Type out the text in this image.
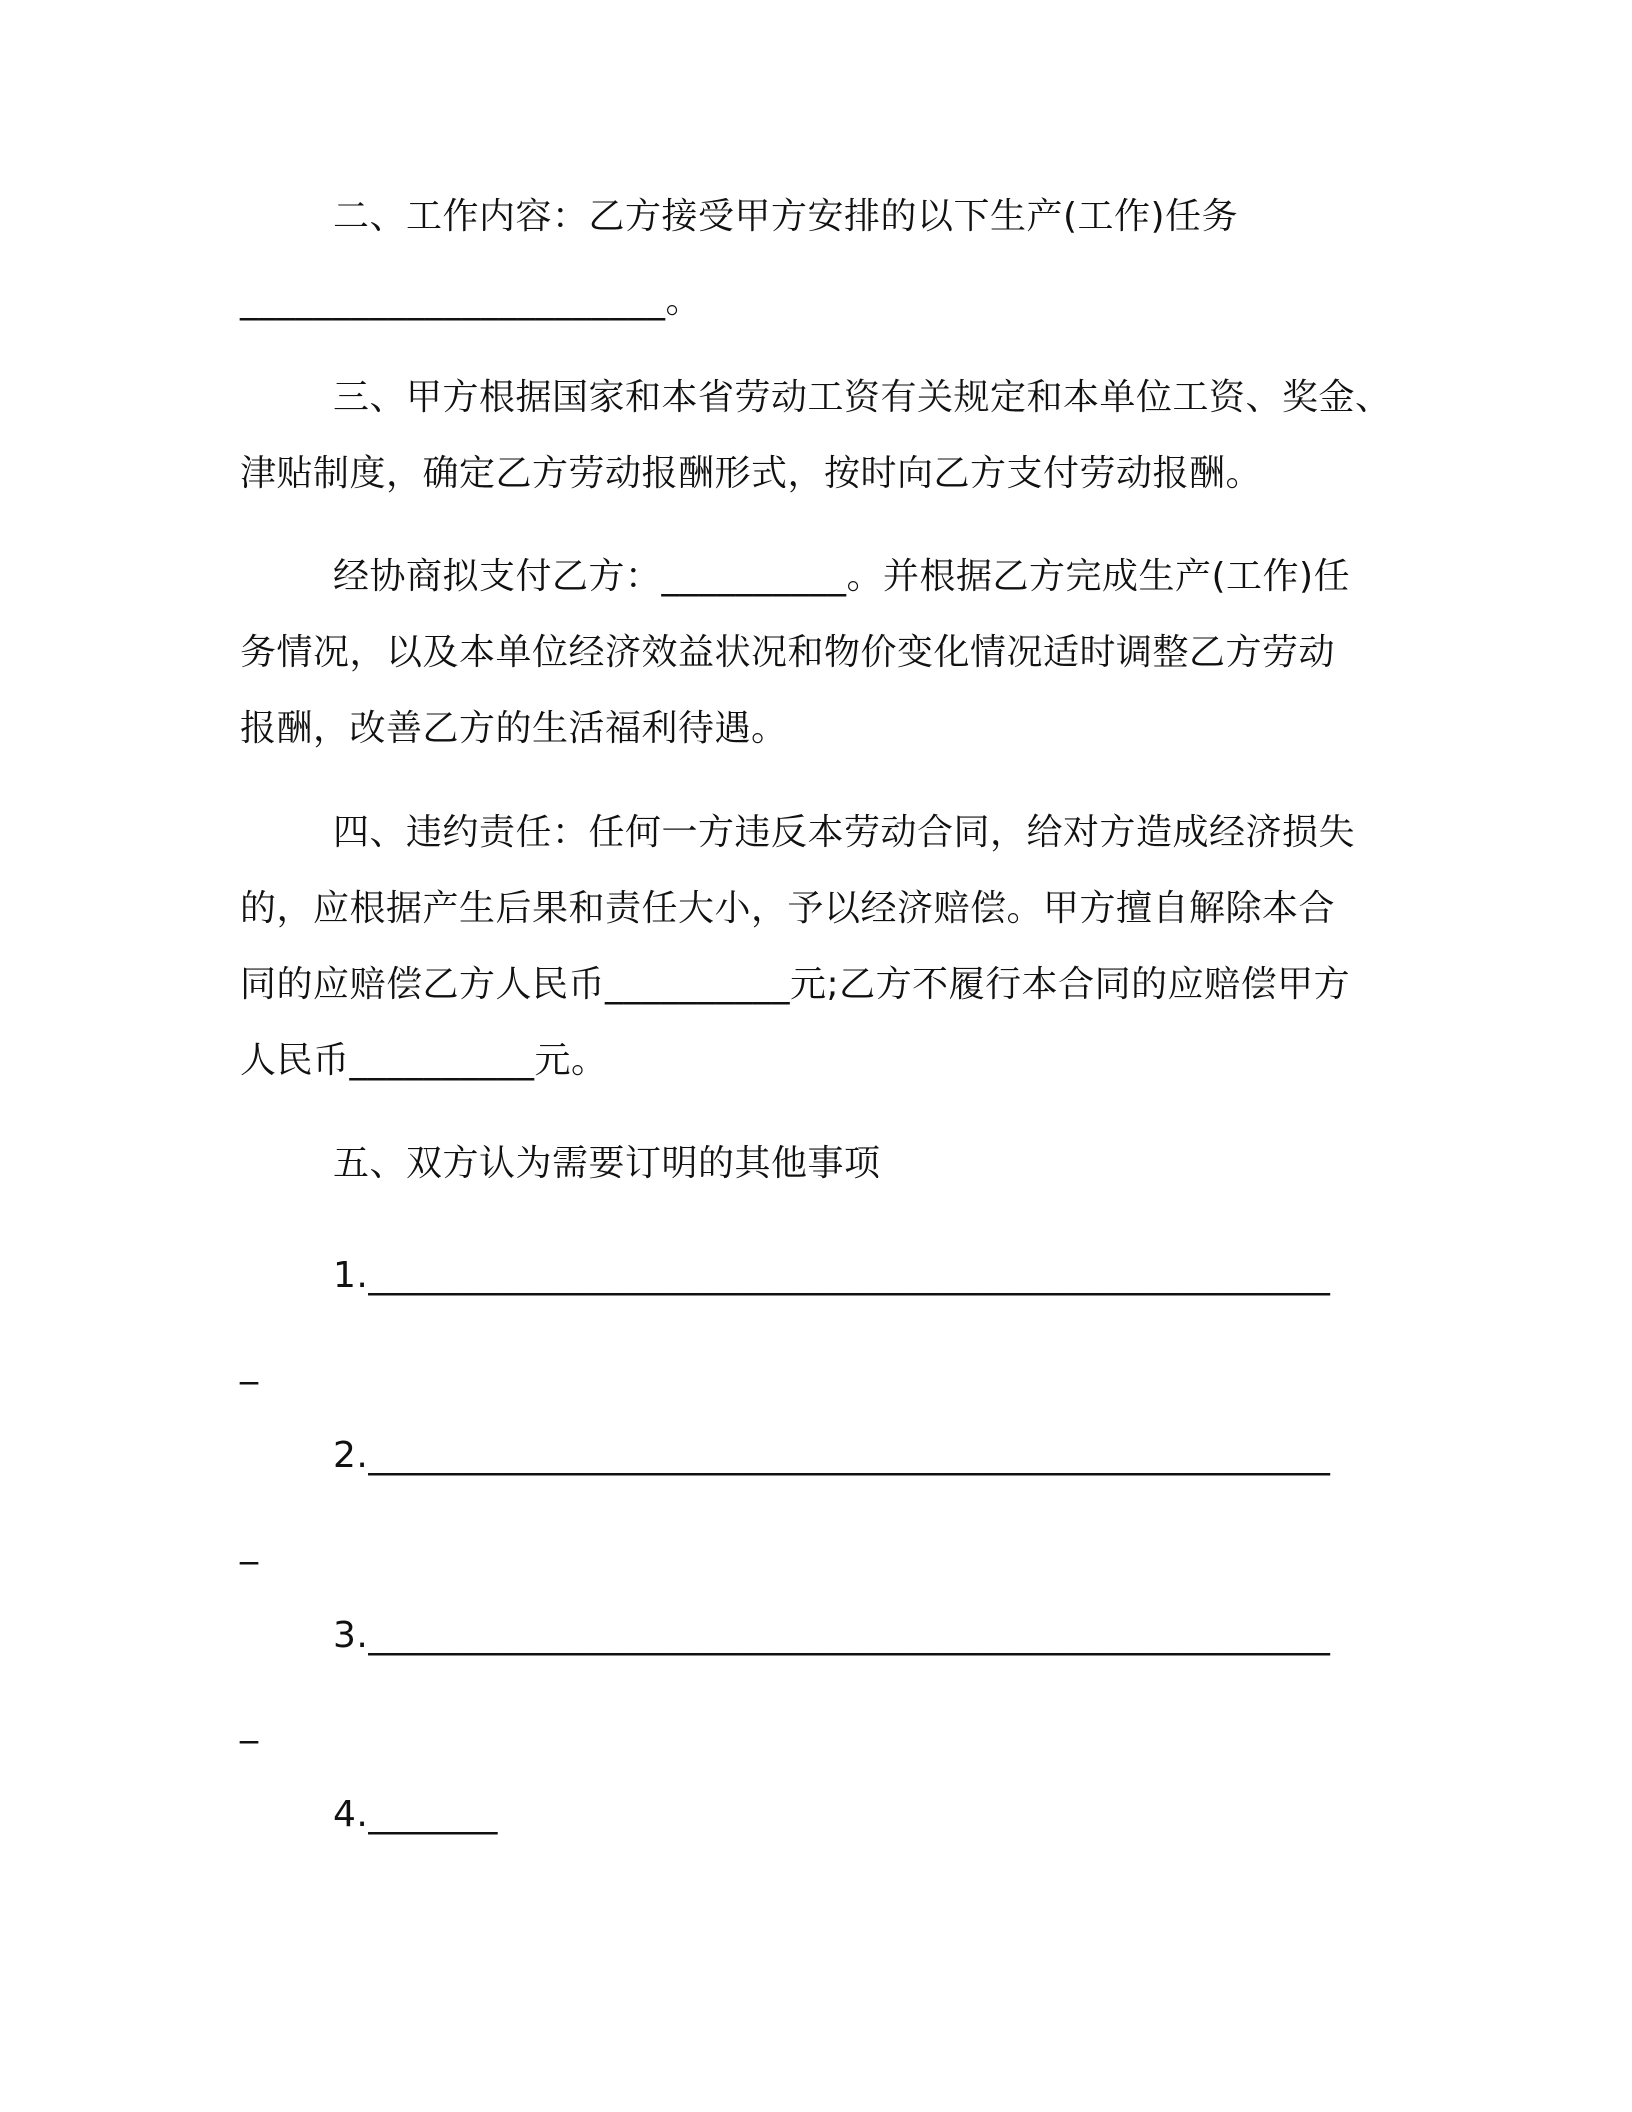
二、工作内容：乙方接受甲方安排的以下生产(工作)任务

_______________________。

三、甲方根据国家和本省劳动工资有关规定和本单位工资、奖金、

津贴制度，确定乙方劳动报酬形式，按时向乙方支付劳动报酬。

经协商拟支付乙方：__________。并根据乙方完成生产(工作)任

务情况，以及本单位经济效益状况和物价变化情况适时调整乙方劳动

报酬，改善乙方的生活福利待遇。

四、违约责任：任何一方违反本劳动合同，给对方造成经济损失

的，应根据产生后果和责任大小，予以经济赔偿。甲方擅自解除本合

同的应赔偿乙方人民币__________元;乙方不履行本合同的应赔偿甲方

人民币__________元。

五、双方认为需要订明的其他事项

1.____________________________________________________

_

2.____________________________________________________

_

3.____________________________________________________

_

4._______
